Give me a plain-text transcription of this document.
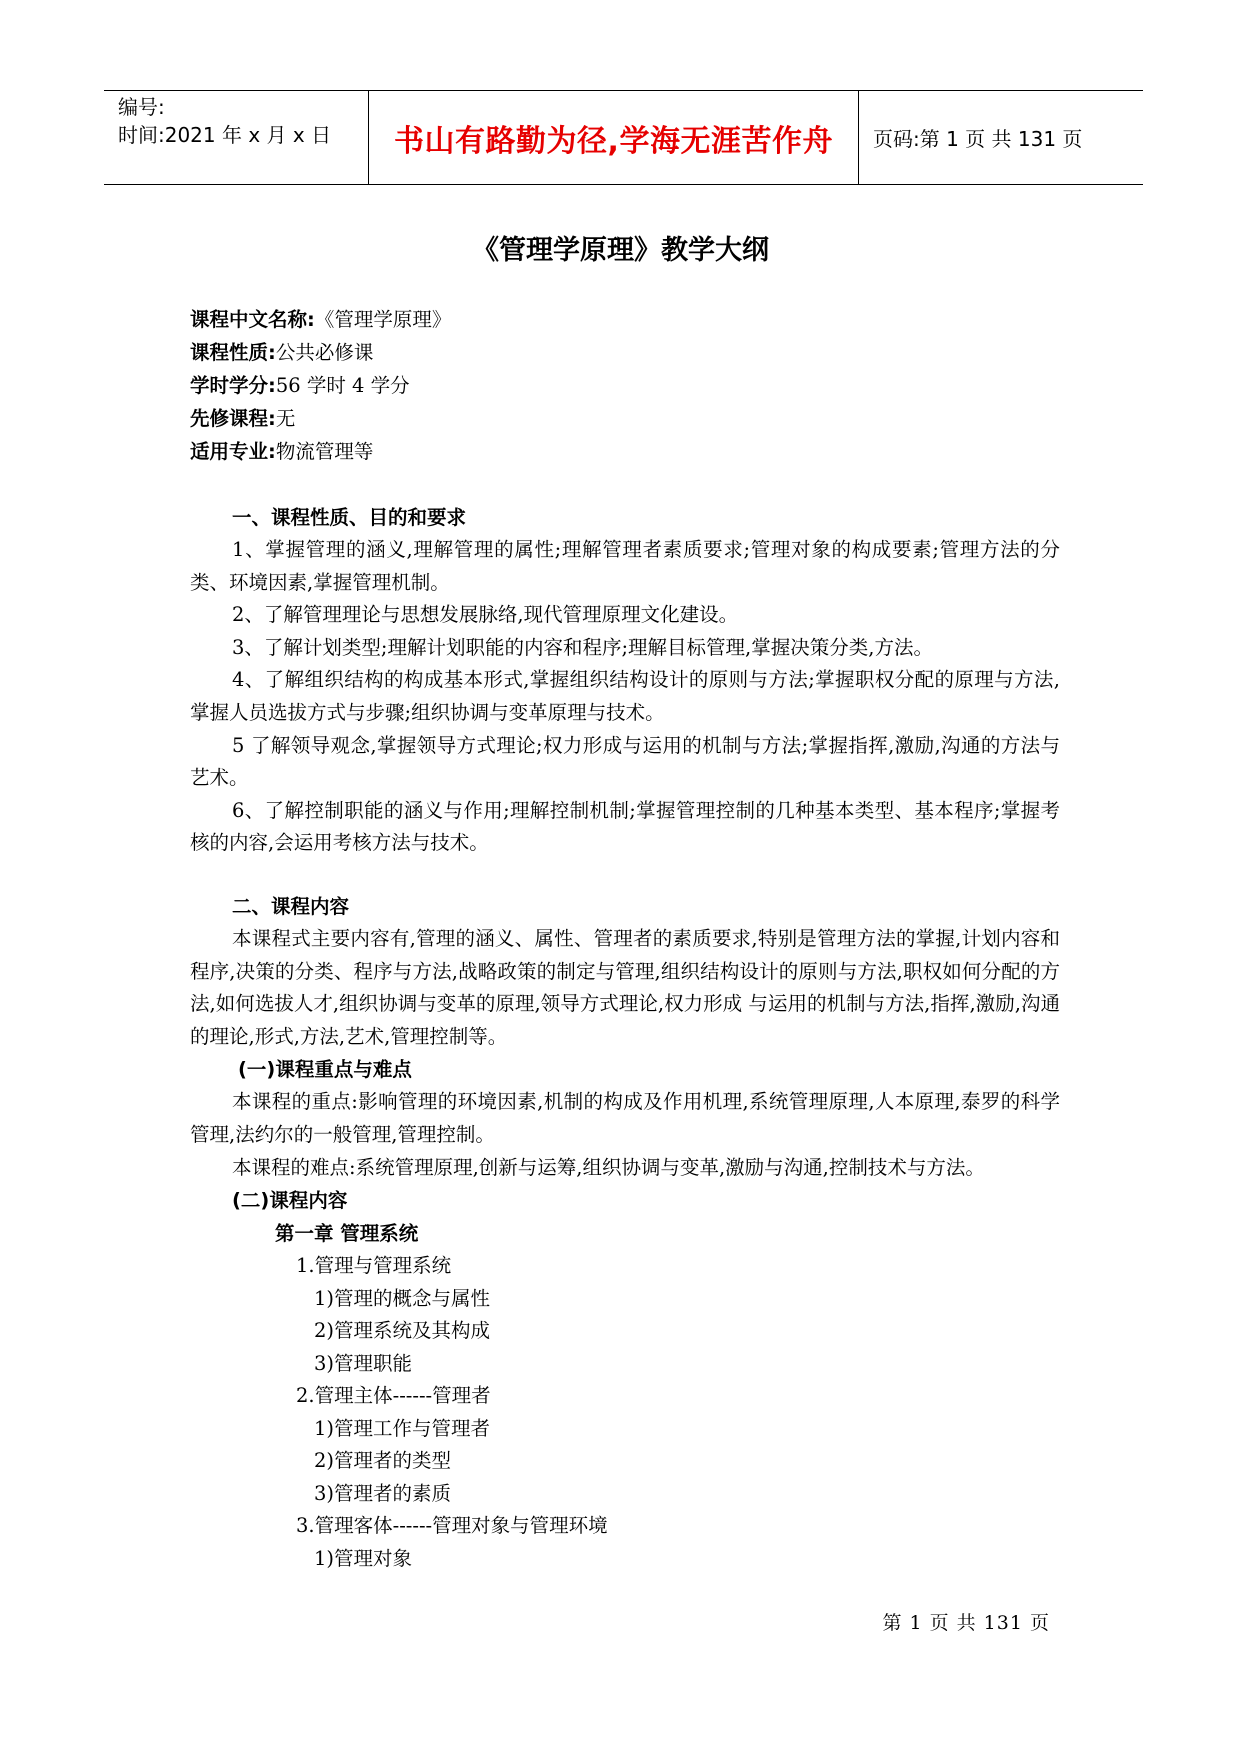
编号:
时间:2021 年 x 月 x 日	书山有路勤为径,学海无涯苦作舟	页码:第 1 页 共 131 页
《管理学原理》教学大纲
课程中文名称:《管理学原理》
课程性质:公共必修课
学时学分:56 学时 4 学分
先修课程:无
适用专业:物流管理等
一、课程性质、目的和要求
1、掌握管理的涵义,理解管理的属性;理解管理者素质要求;管理对象的构成要素;管理方法的分类、环境因素,掌握管理机制。
2、了解管理理论与思想发展脉络,现代管理原理文化建设。
3、了解计划类型;理解计划职能的内容和程序;理解目标管理,掌握决策分类,方法。
4、了解组织结构的构成基本形式,掌握组织结构设计的原则与方法;掌握职权分配的原理与方法,掌握人员选拔方式与步骤;组织协调与变革原理与技术。
5 了解领导观念,掌握领导方式理论;权力形成与运用的机制与方法;掌握指挥,激励,沟通的方法与艺术。
6、了解控制职能的涵义与作用;理解控制机制;掌握管理控制的几种基本类型、基本程序;掌握考核的内容,会运用考核方法与技术。
二、课程内容
本课程式主要内容有,管理的涵义、属性、管理者的素质要求,特别是管理方法的掌握,计划内容和程序,决策的分类、程序与方法,战略政策的制定与管理,组织结构设计的原则与方法,职权如何分配的方法,如何选拔人才,组织协调与变革的原理,领导方式理论,权力形成 与运用的机制与方法,指挥,激励,沟通的理论,形式,方法,艺术,管理控制等。
(一)课程重点与难点
本课程的重点:影响管理的环境因素,机制的构成及作用机理,系统管理原理,人本原理,泰罗的科学管理,法约尔的一般管理,管理控制。
本课程的难点:系统管理原理,创新与运筹,组织协调与变革,激励与沟通,控制技术与方法。
(二)课程内容
第一章 管理系统
1.管理与管理系统
1)管理的概念与属性
2)管理系统及其构成
3)管理职能
2.管理主体------管理者
1)管理工作与管理者
2)管理者的类型
3)管理者的素质
3.管理客体------管理对象与管理环境
1)管理对象
第 1 页 共 131 页
